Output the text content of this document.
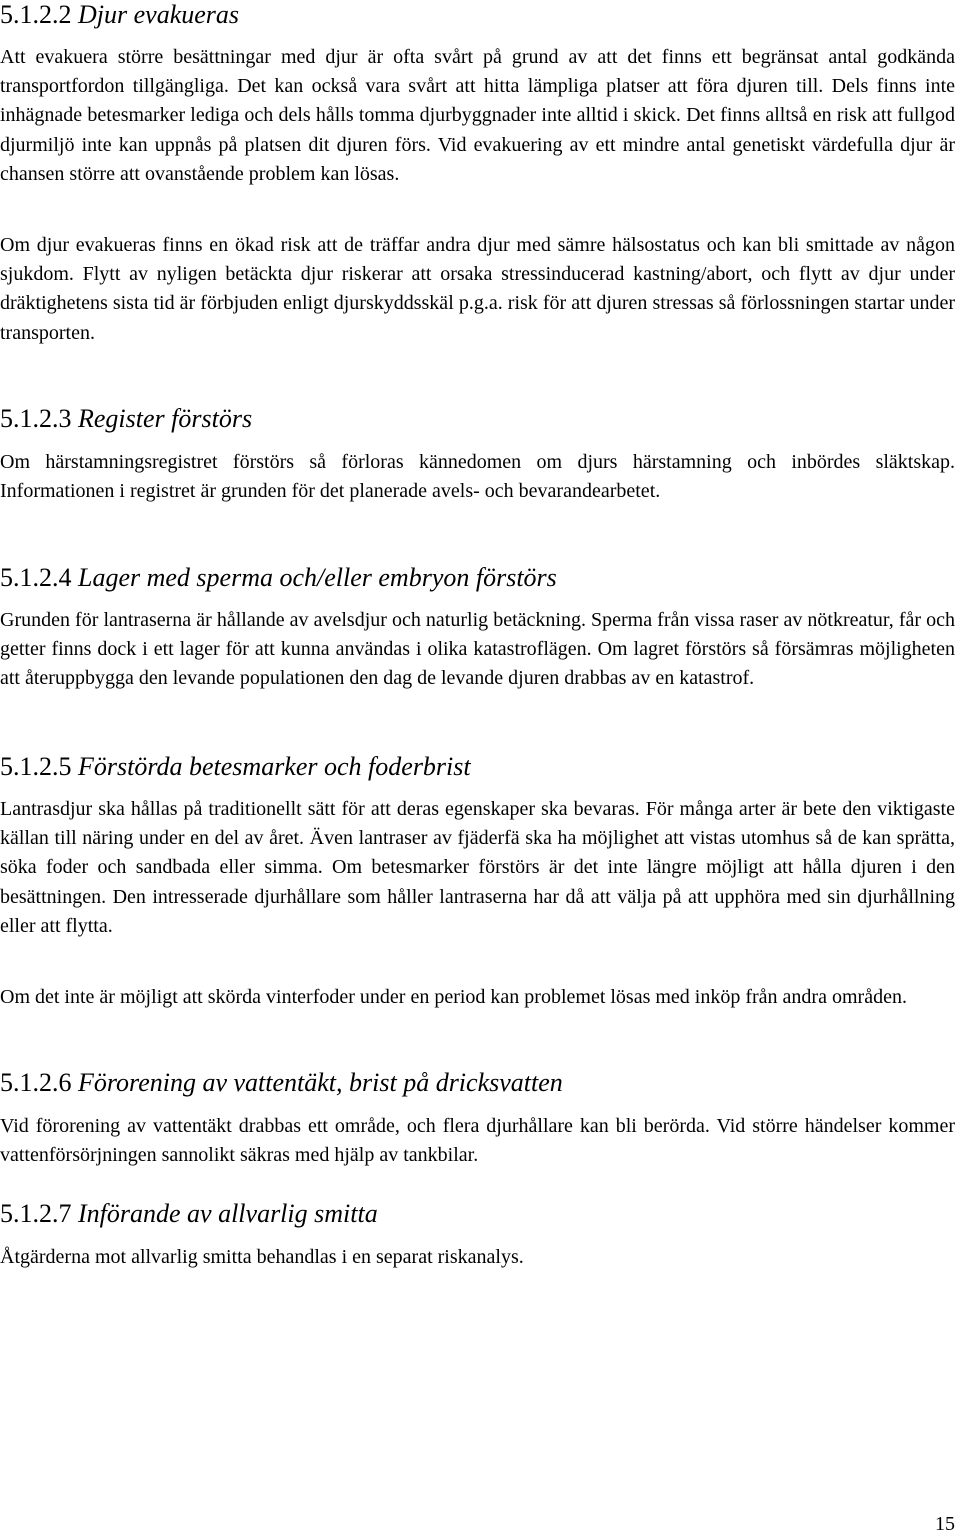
5.1.2.2 Djur evakueras

Att evakuera större besättningar med djur är ofta svårt på grund av att det finns ett begränsat antal godkända transportfordon tillgängliga. Det kan också vara svårt att hitta lämpliga platser att föra djuren till. Dels finns inte inhägnade betesmarker lediga och dels hålls tomma djurbyggnader inte alltid i skick. Det finns alltså en risk att fullgod djurmiljö inte kan uppnås på platsen dit djuren förs. Vid evakuering av ett mindre antal genetiskt värdefulla djur är chansen större att ovanstående problem kan lösas.

Om djur evakueras finns en ökad risk att de träffar andra djur med sämre hälsostatus och kan bli smittade av någon sjukdom. Flytt av nyligen betäckta djur riskerar att orsaka stressinducerad kastning/abort, och flytt av djur under dräktighetens sista tid är förbjuden enligt djurskyddsskäl p.g.a. risk för att djuren stressas så förlossningen startar under transporten.

5.1.2.3 Register förstörs

Om härstamningsregistret förstörs så förloras kännedomen om djurs härstamning och inbördes släktskap. Informationen i registret är grunden för det planerade avels- och bevarandearbetet.

5.1.2.4 Lager med sperma och/eller embryon förstörs

Grunden för lantraserna är hållande av avelsdjur och naturlig betäckning. Sperma från vissa raser av nötkreatur, får och getter finns dock i ett lager för att kunna användas i olika katastroflägen. Om lagret förstörs så försämras möjligheten att återuppbygga den levande populationen den dag de levande djuren drabbas av en katastrof.

5.1.2.5 Förstörda betesmarker och foderbrist

Lantrasdjur ska hållas på traditionellt sätt för att deras egenskaper ska bevaras. För många arter är bete den viktigaste källan till näring under en del av året. Även lantraser av fjäderfä ska ha möjlighet att vistas utomhus så de kan sprätta, söka foder och sandbada eller simma. Om betesmarker förstörs är det inte längre möjligt att hålla djuren i den besättningen. Den intresserade djurhållare som håller lantraserna har då att välja på att upphöra med sin djurhållning eller att flytta.

Om det inte är möjligt att skörda vinterfoder under en period kan problemet lösas med inköp från andra områden.

5.1.2.6 Förorening av vattentäkt, brist på dricksvatten

Vid förorening av vattentäkt drabbas ett område, och flera djurhållare kan bli berörda. Vid större händelser kommer vattenförsörjningen sannolikt säkras med hjälp av tankbilar.

5.1.2.7 Införande av allvarlig smitta

Åtgärderna mot allvarlig smitta behandlas i en separat riskanalys.

15
